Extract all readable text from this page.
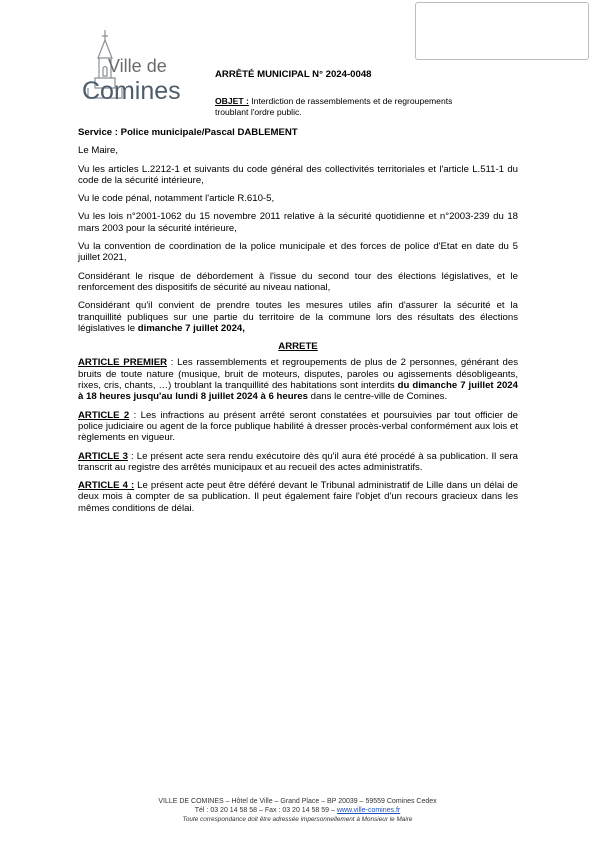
Ville de
Comines
ARRÊTÉ MUNICIPAL N° 2024-0048
OBJET : Interdiction de rassemblements et de regroupements troublant l'ordre public.

Service : Police municipale/Pascal DABLEMENT

Le Maire,

Vu les articles L.2212-1 et suivants du code général des collectivités territoriales et l'article L.511-1 du code de la sécurité intérieure,

Vu le code pénal, notamment l'article R.610-5,

Vu les lois n°2001-1062 du 15 novembre 2011 relative à la sécurité quotidienne et n°2003-239 du 18 mars 2003 pour la sécurité intérieure,

Vu la convention de coordination de la police municipale et des forces de police d'Etat en date du 5 juillet 2021,

Considérant le risque de débordement à l'issue du second tour des élections législatives, et le renforcement des dispositifs de sécurité au niveau national,

Considérant qu'il convient de prendre toutes les mesures utiles afin d'assurer la sécurité et la tranquillité publiques sur une partie du territoire de la commune lors des résultats des élections législatives le dimanche 7 juillet 2024,

ARRETE

ARTICLE PREMIER : Les rassemblements et regroupements de plus de 2 personnes, générant des bruits de toute nature (musique, bruit de moteurs, disputes, paroles ou agissements désobligeants, rixes, cris, chants, …) troublant la tranquillité des habitations sont interdits du dimanche 7 juillet 2024 à 18 heures jusqu'au lundi 8 juillet 2024 à 6 heures dans le centre-ville de Comines.

ARTICLE 2 : Les infractions au présent arrêté seront constatées et poursuivies par tout officier de police judiciaire ou agent de la force publique habilité à dresser procès-verbal conformément aux lois et règlements en vigueur.

ARTICLE 3 : Le présent acte sera rendu exécutoire dès qu'il aura été procédé à sa publication. Il sera transcrit au registre des arrêtés municipaux et au recueil des actes administratifs.

ARTICLE 4 : Le présent acte peut être déféré devant le Tribunal administratif de Lille dans un délai de deux mois à compter de sa publication. Il peut également faire l'objet d'un recours gracieux dans les mêmes conditions de délai.

VILLE DE COMINES – Hôtel de Ville – Grand Place – BP 20039 – 59559 Comines Cedex
Tél : 03 20 14 58 58 – Fax : 03 20 14 58 59 – www.ville-comines.fr
Toute correspondance doit être adressée impersonnellement à Monsieur le Maire
